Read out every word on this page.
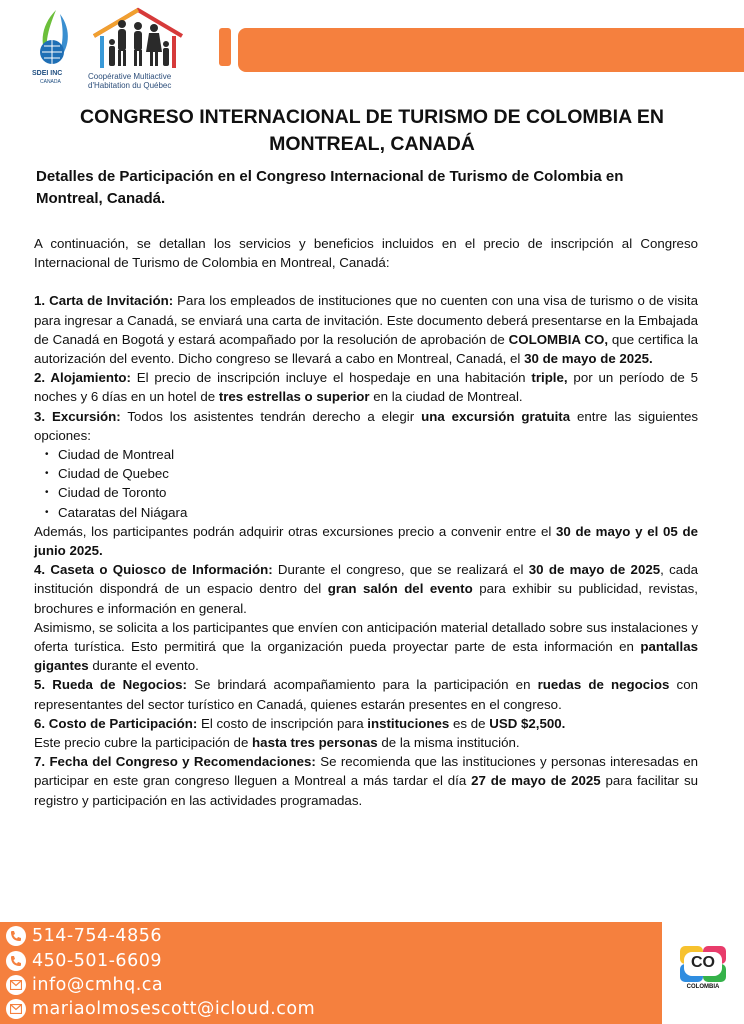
SDEI INC
CANADA
Coopérative Multiactive d'Habitation du Québec
CONGRESO INTERNACIONAL DE TURISMO DE COLOMBIA EN MONTREAL, CANADÁ
Detalles de Participación en el Congreso Internacional de Turismo de Colombia en Montreal, Canadá.

A continuación, se detallan los servicios y beneficios incluidos en el precio de inscripción al Congreso Internacional de Turismo de Colombia en Montreal, Canadá:

1. Carta de Invitación: Para los empleados de instituciones que no cuenten con una visa de turismo o de visita para ingresar a Canadá, se enviará una carta de invitación. Este documento deberá presentarse en la Embajada de Canadá en Bogotá y estará acompañado por la resolución de aprobación de COLOMBIA CO, que certifica la autorización del evento. Dicho congreso se llevará a cabo en Montreal, Canadá, el 30 de mayo de 2025.

2. Alojamiento: El precio de inscripción incluye el hospedaje en una habitación triple, por un período de 5 noches y 6 días en un hotel de tres estrellas o superior en la ciudad de Montreal.

3. Excursión: Todos los asistentes tendrán derecho a elegir una excursión gratuita entre las siguientes opciones:

• Ciudad de Montreal
• Ciudad de Quebec
• Ciudad de Toronto
• Cataratas del Niágara

Además, los participantes podrán adquirir otras excursiones precio a convenir entre el 30 de mayo y el 05 de junio 2025.

4. Caseta o Quiosco de Información: Durante el congreso, que se realizará el 30 de mayo de 2025, cada institución dispondrá de un espacio dentro del gran salón del evento para exhibir su publicidad, revistas, brochures e información en general.

Asimismo, se solicita a los participantes que envíen con anticipación material detallado sobre sus instalaciones y oferta turística. Esto permitirá que la organización pueda proyectar parte de esta información en pantallas gigantes durante el evento.

5. Rueda de Negocios: Se brindará acompañamiento para la participación en ruedas de negocios con representantes del sector turístico en Canadá, quienes estarán presentes en el congreso.

6. Costo de Participación: El costo de inscripción para instituciones es de USD $2,500.

Este precio cubre la participación de hasta tres personas de la misma institución.

7. Fecha del Congreso y Recomendaciones: Se recomienda que las instituciones y personas interesadas en participar en este gran congreso lleguen a Montreal a más tardar el día 27 de mayo de 2025 para facilitar su registro y participación en las actividades programadas.

514-754-4856
450-501-6609
info@cmhq.ca
mariaolmosescott@icloud.com
CO
COLOMBIA
